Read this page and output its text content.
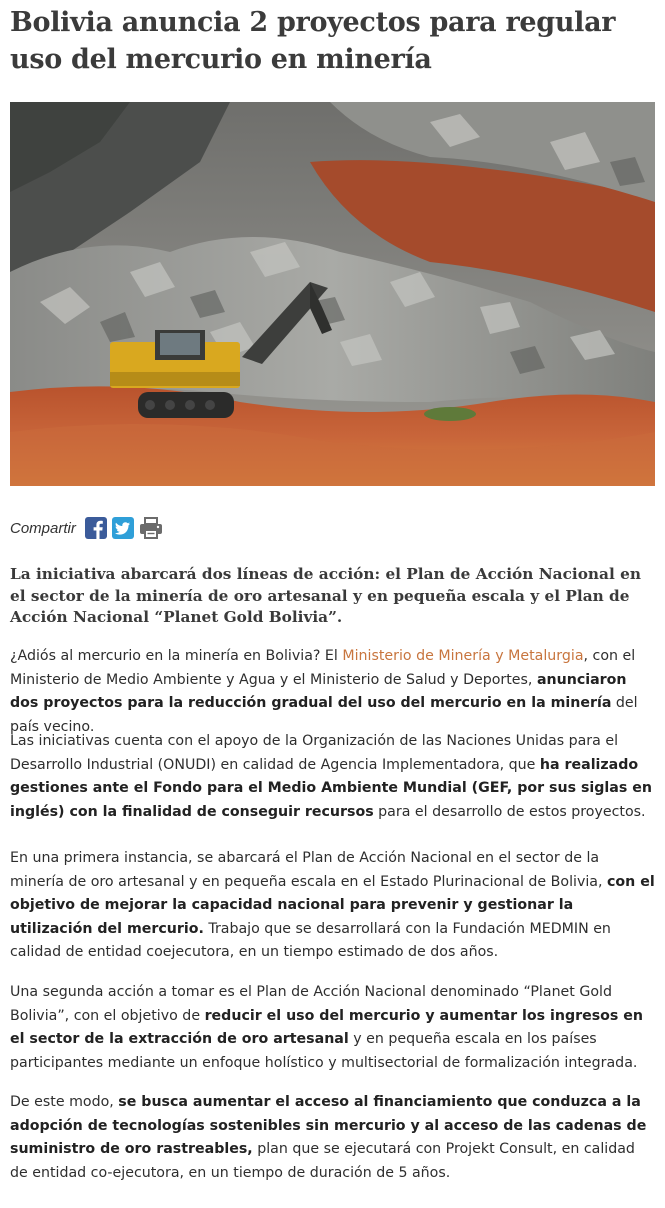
Bolivia anuncia 2 proyectos para regular uso del mercurio en minería
Compartir

La iniciativa abarcará dos líneas de acción: el Plan de Acción Nacional en el sector de la minería de oro artesanal y en pequeña escala y el Plan de Acción Nacional “Planet Gold Bolivia”.

¿Adiós al mercurio en la minería en Bolivia? El Ministerio de Minería y Metalurgia, con el Ministerio de Medio Ambiente y Agua y el Ministerio de Salud y Deportes, anunciaron dos proyectos para la reducción gradual del uso del mercurio en la minería del país vecino.

Las iniciativas cuenta con el apoyo de la Organización de las Naciones Unidas para el Desarrollo Industrial (ONUDI) en calidad de Agencia Implementadora, que ha realizado gestiones ante el Fondo para el Medio Ambiente Mundial (GEF, por sus siglas en inglés) con la finalidad de conseguir recursos para el desarrollo de estos proyectos.

En una primera instancia, se abarcará el Plan de Acción Nacional en el sector de la minería de oro artesanal y en pequeña escala en el Estado Plurinacional de Bolivia, con el objetivo de mejorar la capacidad nacional para prevenir y gestionar la utilización del mercurio. Trabajo que se desarrollará con la Fundación MEDMIN en calidad de entidad coejecutora, en un tiempo estimado de dos años.

Una segunda acción a tomar es el Plan de Acción Nacional denominado “Planet Gold Bolivia”, con el objetivo de reducir el uso del mercurio y aumentar los ingresos en el sector de la extracción de oro artesanal y en pequeña escala en los países participantes mediante un enfoque holístico y multisectorial de formalización integrada.

De este modo, se busca aumentar el acceso al financiamiento que conduzca a la adopción de tecnologías sostenibles sin mercurio y al acceso de las cadenas de suministro de oro rastreables, plan que se ejecutará con Projekt Consult, en calidad de entidad co-ejecutora, en un tiempo de duración de 5 años.
